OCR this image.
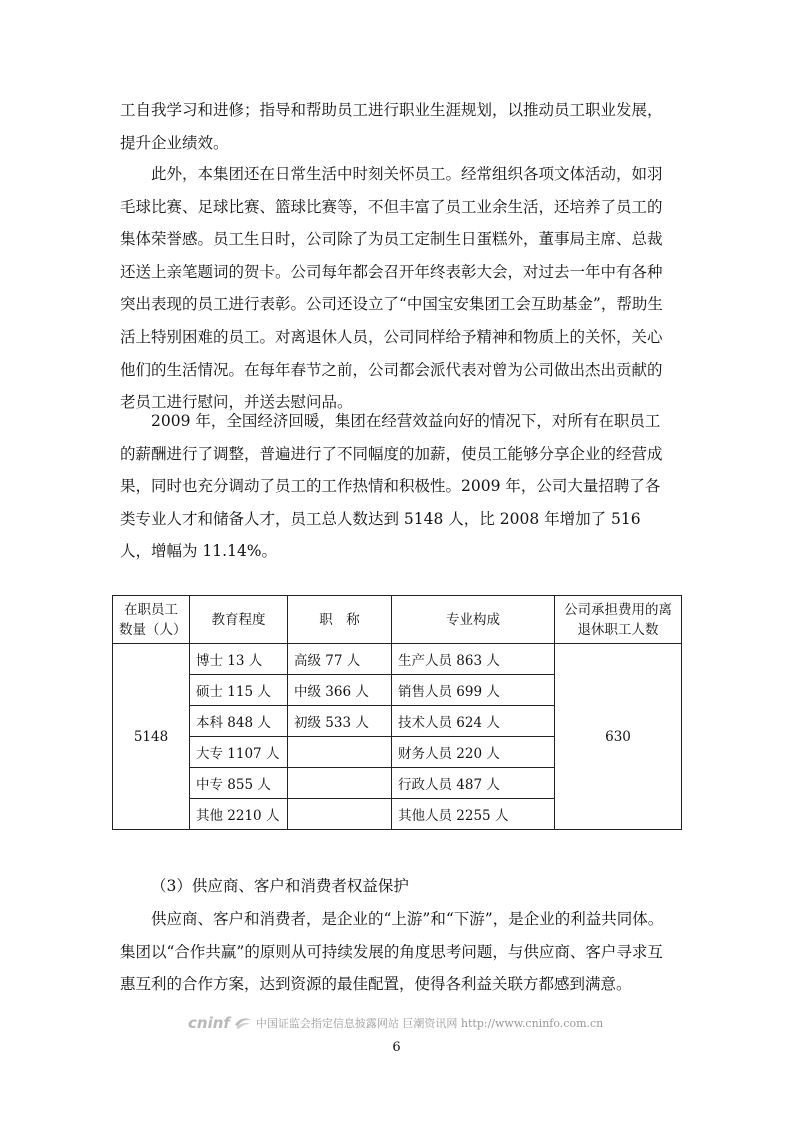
工自我学习和进修；指导和帮助员工进行职业生涯规划，以推动员工职业发展，提升企业绩效。

此外，本集团还在日常生活中时刻关怀员工。经常组织各项文体活动，如羽毛球比赛、足球比赛、篮球比赛等，不但丰富了员工业余生活，还培养了员工的集体荣誉感。员工生日时，公司除了为员工定制生日蛋糕外，董事局主席、总裁还送上亲笔题词的贺卡。公司每年都会召开年终表彰大会，对过去一年中有各种突出表现的员工进行表彰。公司还设立了“中国宝安集团工会互助基金”，帮助生活上特别困难的员工。对离退休人员，公司同样给予精神和物质上的关怀，关心他们的生活情况。在每年春节之前，公司都会派代表对曾为公司做出杰出贡献的老员工进行慰问，并送去慰问品。

2009 年，全国经济回暖，集团在经营效益向好的情况下，对所有在职员工的薪酬进行了调整，普遍进行了不同幅度的加薪，使员工能够分享企业的经营成果，同时也充分调动了员工的工作热情和积极性。2009 年，公司大量招聘了各类专业人才和储备人才，员工总人数达到 5148 人，比 2008 年增加了 516 人，增幅为 11.14%。

在职员工数量（人）	教育程度	职　称	专业构成	公司承担费用的离退休职工人数
5148	博士 13 人	高级 77 人	生产人员 863 人	630
	硕士 115 人	中级 366 人	销售人员 699 人	
	本科 848 人	初级 533 人	技术人员 624 人	
	大专 1107 人		财务人员 220 人	
	中专 855 人		行政人员 487 人	
	其他 2210 人		其他人员 2255 人	

（3）供应商、客户和消费者权益保护

供应商、客户和消费者，是企业的“上游”和“下游”，是企业的利益共同体。集团以“合作共赢”的原则从可持续发展的角度思考问题，与供应商、客户寻求互惠互利的合作方案，达到资源的最佳配置，使得各利益关联方都感到满意。

cninf 中国证监会指定信息披露网站 巨潮资讯网 http://www.cninfo.com.cn
6
